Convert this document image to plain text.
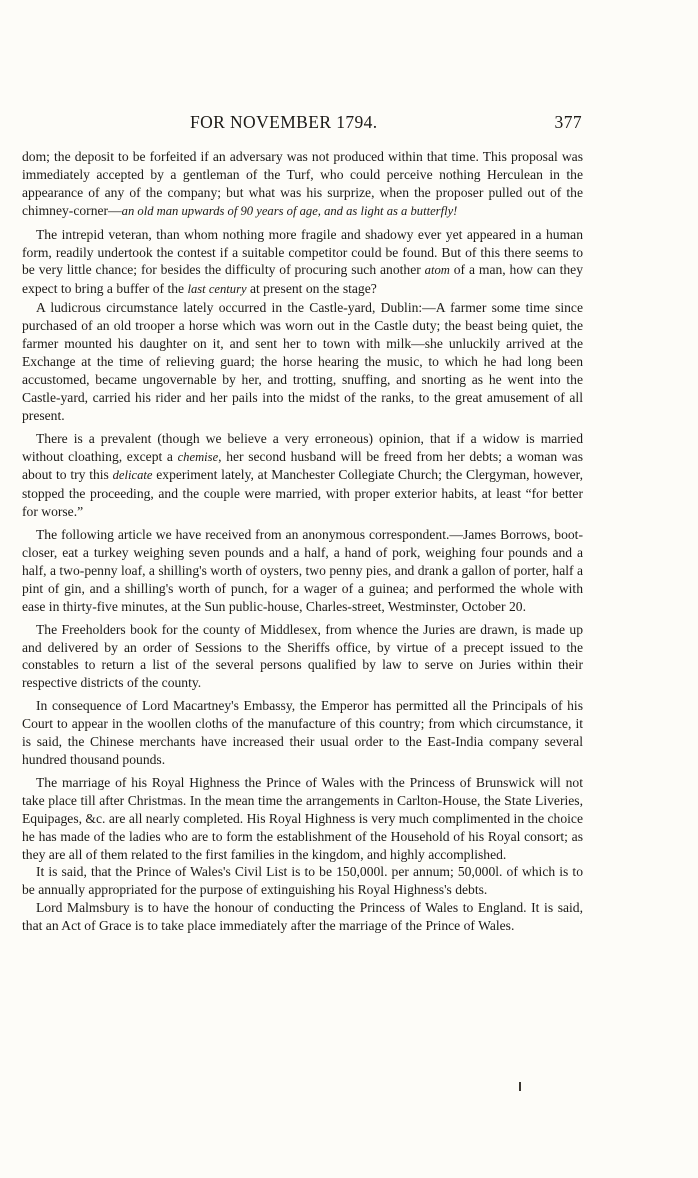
FOR NOVEMBER 1794.	377

dom; the deposit to be forfeited if an adversary was not produced within that time. This proposal was immediately accepted by a gentleman of the Turf, who could perceive nothing Herculean in the appearance of any of the company; but what was his surprize, when the proposer pulled out of the chimney-corner—an old man upwards of 90 years of age, and as light as a butterfly!

The intrepid veteran, than whom nothing more fragile and shadowy ever yet appeared in a human form, readily undertook the contest if a suitable competitor could be found. But of this there seems to be very little chance; for besides the difficulty of procuring such another atom of a man, how can they expect to bring a buffer of the last century at present on the stage?

A ludicrous circumstance lately occurred in the Castle-yard, Dublin:—A farmer some time since purchased of an old trooper a horse which was worn out in the Castle duty; the beast being quiet, the farmer mounted his daughter on it, and sent her to town with milk—she unluckily arrived at the Exchange at the time of relieving guard; the horse hearing the music, to which he had long been accustomed, became ungovernable by her, and trotting, snuffing, and snorting as he went into the Castle-yard, carried his rider and her pails into the midst of the ranks, to the great amusement of all present.

There is a prevalent (though we believe a very erroneous) opinion, that if a widow is married without cloathing, except a chemise, her second husband will be freed from her debts; a woman was about to try this delicate experiment lately, at Manchester Collegiate Church; the Clergyman, however, stopped the proceeding, and the couple were married, with proper exterior habits, at least “for better for worse.”

The following article we have received from an anonymous correspondent.—James Borrows, boot-closer, eat a turkey weighing seven pounds and a half, a hand of pork, weighing four pounds and a half, a two-penny loaf, a shilling's worth of oysters, two penny pies, and drank a gallon of porter, half a pint of gin, and a shilling's worth of punch, for a wager of a guinea; and performed the whole with ease in thirty-five minutes, at the Sun public-house, Charles-street, Westminster, October 20.

The Freeholders book for the county of Middlesex, from whence the Juries are drawn, is made up and delivered by an order of Sessions to the Sheriffs office, by virtue of a precept issued to the constables to return a list of the several persons qualified by law to serve on Juries within their respective districts of the county.

In consequence of Lord Macartney's Embassy, the Emperor has permitted all the Principals of his Court to appear in the woollen cloths of the manufacture of this country; from which circumstance, it is said, the Chinese merchants have increased their usual order to the East-India company several hundred thousand pounds.

The marriage of his Royal Highness the Prince of Wales with the Princess of Brunswick will not take place till after Christmas. In the mean time the arrangements in Carlton-House, the State Liveries, Equipages, &c. are all nearly completed. His Royal Highness is very much complimented in the choice he has made of the ladies who are to form the establishment of the Household of his Royal consort; as they are all of them related to the first families in the kingdom, and highly accomplished.

It is said, that the Prince of Wales's Civil List is to be 150,000l. per annum; 50,000l. of which is to be annually appropriated for the purpose of extinguishing his Royal Highness's debts.

Lord Malmsbury is to have the honour of conducting the Princess of Wales to England. It is said, that an Act of Grace is to take place immediately after the marriage of the Prince of Wales.
